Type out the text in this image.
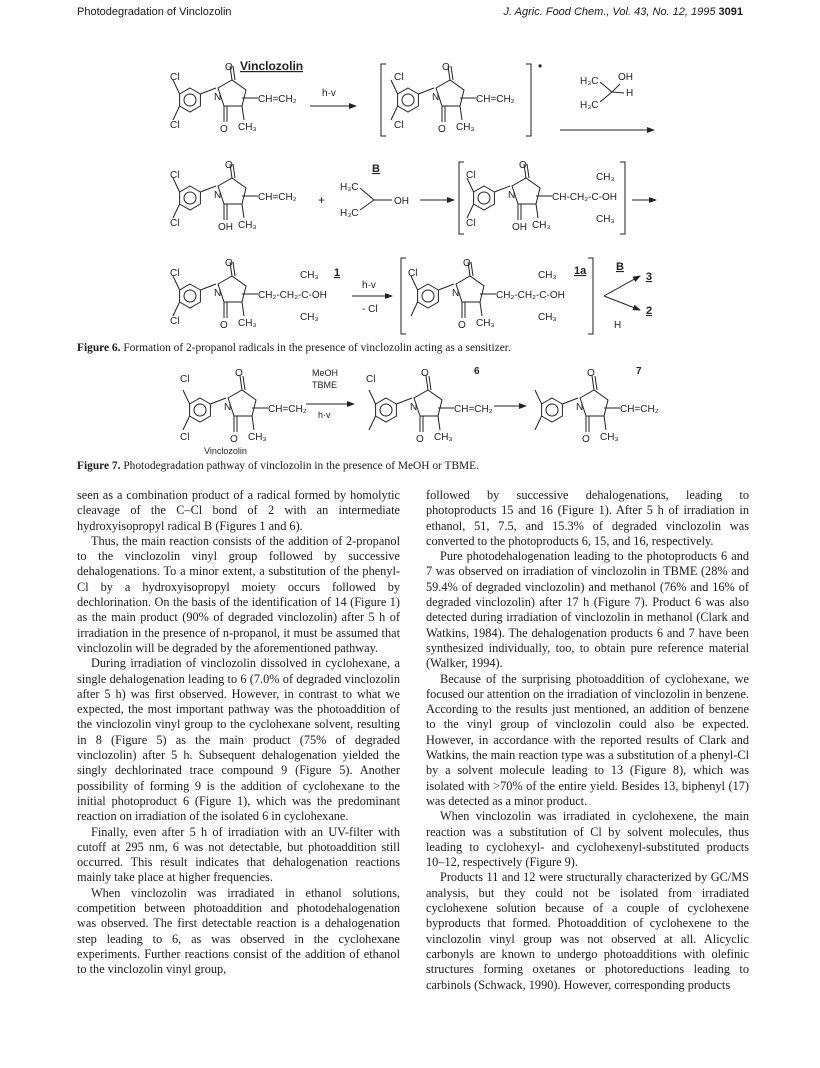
Photodegradation of Vinclozolin	J. Agric. Food Chem., Vol. 43, No. 12, 1995 3091
Vinclozolin
Cl
Cl
O
N	CH=CH₂
O CH₃
h·v
Cl
Cl
O
N	CH=CH₂
O CH₃
•
H₃C OH
H
H₃C
Cl
Cl
O
N	CH=CH₂
OH CH₃
+
B
H₃C
H₃C
OH
Cl
Cl
O
N	CH-CH₂-C-OH
CH₃
CH₃
OH CH₃
Cl
Cl
O
N	CH₂-CH₂-C-OH
CH₃
CH₃
O CH₃
1
h·v
- Cl
Cl
O
N	CH₂-CH₂-C-OH
CH₃
CH₃
O CH₃
1a	B
3
2
H
Figure 6. Formation of 2-propanol radicals in the presence of vinclozolin acting as a sensitizer.
Cl
Cl
O
N	CH=CH₂
O CH₃
MeOH
TBME
h·v
Cl
O
N	CH=CH₂
O CH₃
6	O
N	CH=CH₂
O CH₃
7
Vinclozolin
Figure 7. Photodegradation pathway of vinclozolin in the presence of MeOH or TBME.

seen as a combination product of a radical formed by homolytic cleavage of the C–Cl bond of 2 with an intermediate hydroxyisopropyl radical B (Figures 1 and 6).

Thus, the main reaction consists of the addition of 2-propanol to the vinclozolin vinyl group followed by successive dehalogenations. To a minor extent, a substitution of the phenyl-Cl by a hydroxyisopropyl moiety occurs followed by dechlorination. On the basis of the identification of 14 (Figure 1) as the main product (90% of degraded vinclozolin) after 5 h of irradiation in the presence of n-propanol, it must be assumed that vinclozolin will be degraded by the aforementioned pathway.

During irradiation of vinclozolin dissolved in cyclohexane, a single dehalogenation leading to 6 (7.0% of degraded vinclozolin after 5 h) was first observed. However, in contrast to what we expected, the most important pathway was the photoaddition of the vinclozolin vinyl group to the cyclohexane solvent, resulting in 8 (Figure 5) as the main product (75% of degraded vinclozolin) after 5 h. Subsequent dehalogenation yielded the singly dechlorinated trace compound 9 (Figure 5). Another possibility of forming 9 is the addition of cyclohexane to the initial photoproduct 6 (Figure 1), which was the predominant reaction on irradiation of the isolated 6 in cyclohexane.

Finally, even after 5 h of irradiation with an UV-filter with cutoff at 295 nm, 6 was not detectable, but photoaddition still occurred. This result indicates that dehalogenation reactions mainly take place at higher frequencies.

When vinclozolin was irradiated in ethanol solutions, competition between photoaddition and photodehalogenation was observed. The first detectable reaction is a dehalogenation step leading to 6, as was observed in the cyclohexane experiments. Further reactions consist of the addition of ethanol to the vinclozolin vinyl group,

followed by successive dehalogenations, leading to photoproducts 15 and 16 (Figure 1). After 5 h of irradiation in ethanol, 51, 7.5, and 15.3% of degraded vinclozolin was converted to the photoproducts 6, 15, and 16, respectively.

Pure photodehalogenation leading to the photoproducts 6 and 7 was observed on irradiation of vinclozolin in TBME (28% and 59.4% of degraded vinclozolin) and methanol (76% and 16% of degraded vinclozolin) after 17 h (Figure 7). Product 6 was also detected during irradiation of vinclozolin in methanol (Clark and Watkins, 1984). The dehalogenation products 6 and 7 have been synthesized individually, too, to obtain pure reference material (Walker, 1994).

Because of the surprising photoaddition of cyclohexane, we focused our attention on the irradiation of vinclozolin in benzene. According to the results just mentioned, an addition of benzene to the vinyl group of vinclozolin could also be expected. However, in accordance with the reported results of Clark and Watkins, the main reaction type was a substitution of a phenyl-Cl by a solvent molecule leading to 13 (Figure 8), which was isolated with >70% of the entire yield. Besides 13, biphenyl (17) was detected as a minor product.

When vinclozolin was irradiated in cyclohexene, the main reaction was a substitution of Cl by solvent molecules, thus leading to cyclohexyl- and cyclohexenyl-substituted products 10–12, respectively (Figure 9).

Products 11 and 12 were structurally characterized by GC/MS analysis, but they could not be isolated from irradiated cyclohexene solution because of a couple of cyclohexene byproducts that formed. Photoaddition of cyclohexene to the vinclozolin vinyl group was not observed at all. Alicyclic carbonyls are known to undergo photoadditions with olefinic structures forming oxetanes or photoreductions leading to carbinols (Schwack, 1990). However, corresponding products
